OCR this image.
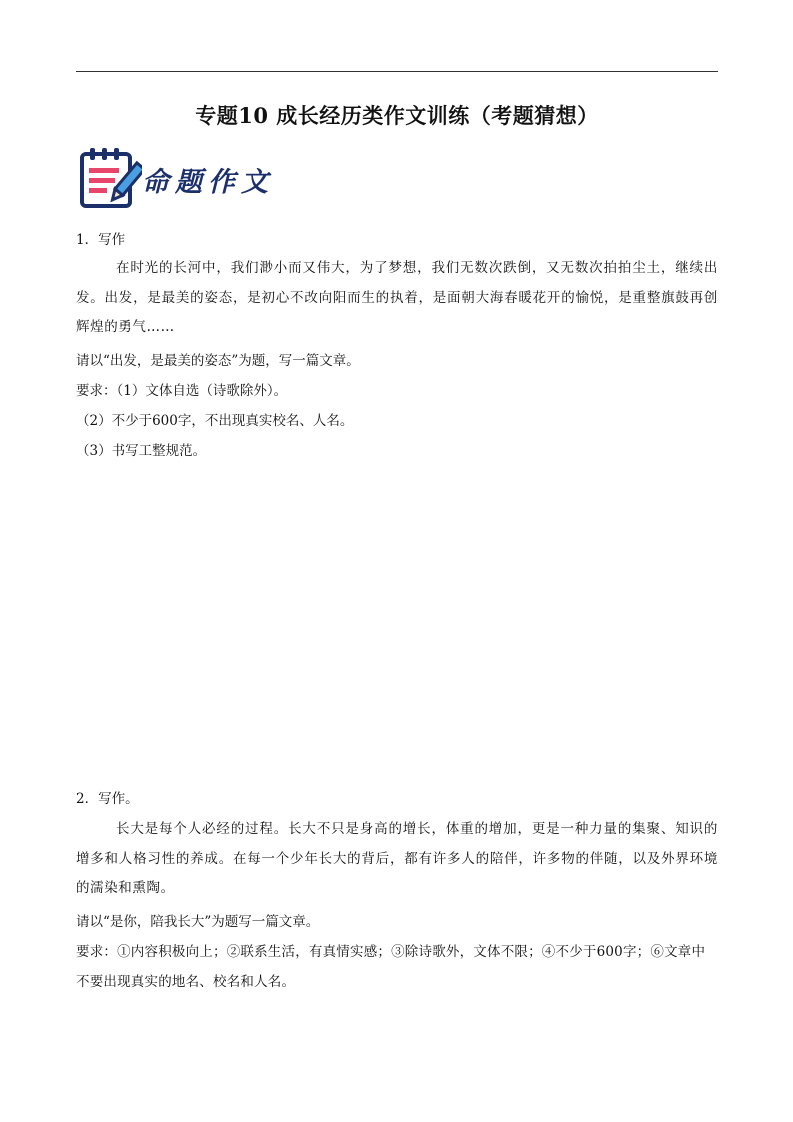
专题10 成长经历类作文训练（考题猜想）
命题作文
1．写作
在时光的长河中，我们渺小而又伟大，为了梦想，我们无数次跌倒，又无数次拍拍尘土，继续出发。出发，是最美的姿态，是初心不改向阳而生的执着，是面朝大海春暖花开的愉悦，是重整旗鼓再创辉煌的勇气……
请以“出发，是最美的姿态”为题，写一篇文章。
要求：（1）文体自选（诗歌除外）。
（2）不少于600字，不出现真实校名、人名。
（3）书写工整规范。
2．写作。
长大是每个人必经的过程。长大不只是身高的增长，体重的增加，更是一种力量的集聚、知识的增多和人格习性的养成。在每一个少年长大的背后，都有许多人的陪伴，许多物的伴随，以及外界环境的濡染和熏陶。
请以“是你，陪我长大”为题写一篇文章。
要求：①内容积极向上；②联系生活，有真情实感；③除诗歌外，文体不限；④不少于600字；⑥文章中不要出现真实的地名、校名和人名。
